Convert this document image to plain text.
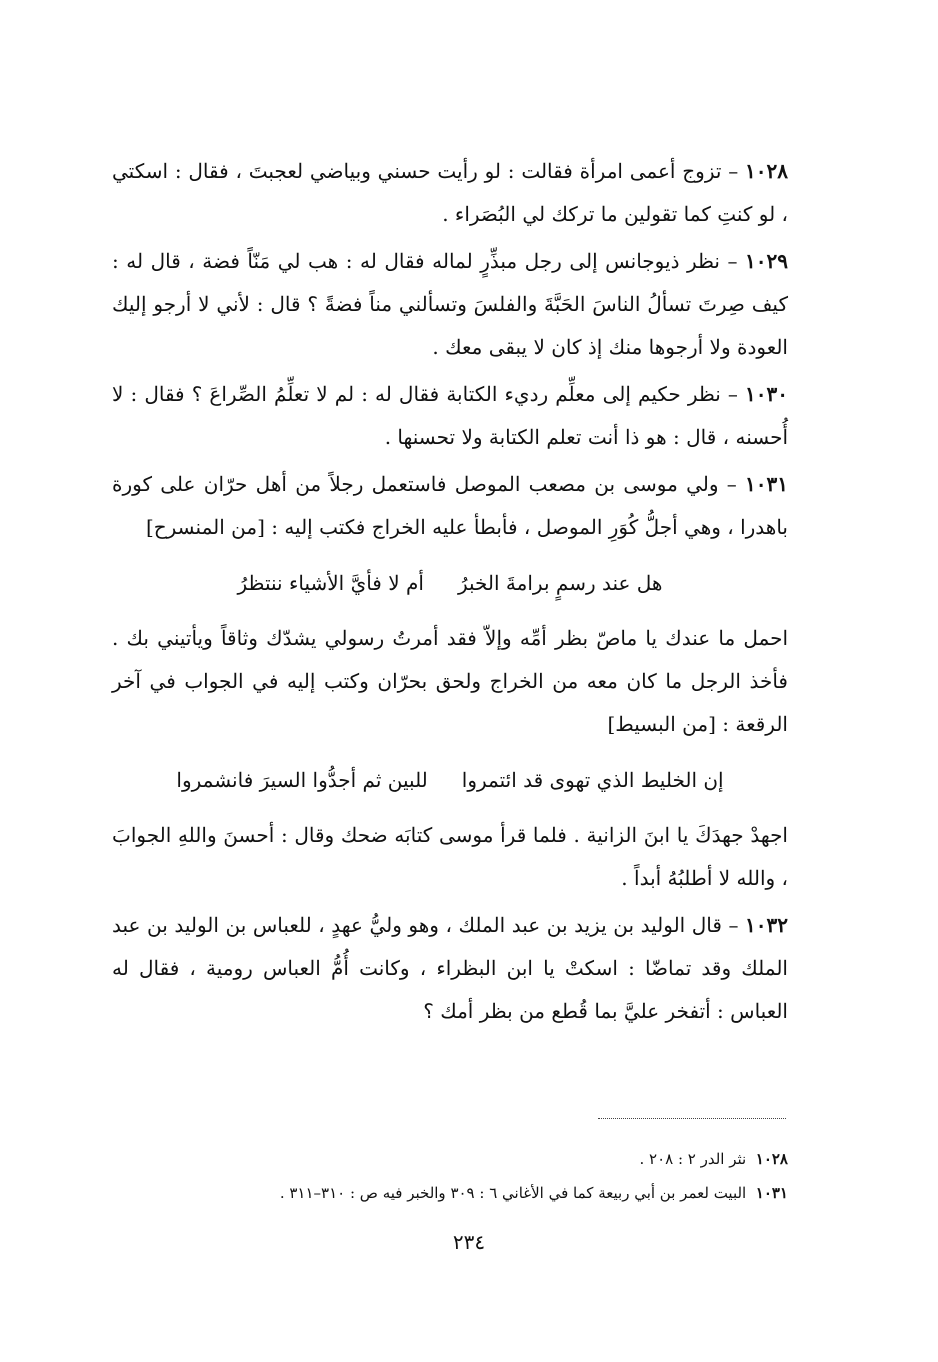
١٠٢٨ – تزوج أعمى امرأة فقالت : لو رأيت حسني وبياضي لعجبتَ ، فقال : اسكتي ، لو كنتِ كما تقولين ما تركك لي البُصَراء .

١٠٢٩ – نظر ذيوجانس إلى رجل مبذِّرٍ لماله فقال له : هب لي مَنّاً فضة ، قال له : كيف صِرتَ تسألُ الناسَ الحَبَّةَ والفلسَ وتسألني مناً فضةً ؟ قال : لأني لا أرجو إليك العودة ولا أرجوها منك إذ كان لا يبقى معك .

١٠٣٠ – نظر حكيم إلى معلِّم رديء الكتابة فقال له : لم لا تعلِّمُ الصِّراعَ ؟ فقال : لا أُحسنه ، قال : هو ذا أنت تعلم الكتابة ولا تحسنها .

١٠٣١ – ولي موسى بن مصعب الموصل فاستعمل رجلاً من أهل حرّان على كورة باهدرا ، وهي أجلُّ كُوَرِ الموصل ، فأبطأ عليه الخراج فكتب إليه : [من المنسرح]

هل عند رسمٍ برامةَ الخبرُ
أم لا فأيَّ الأشياء ننتظرُ

احمل ما عندك يا ماصّ بظر أمِّه وإلاّ فقد أمرتُ رسولي يشدّك وثاقاً ويأتيني بك . فأخذ الرجل ما كان معه من الخراج ولحق بحرّان وكتب إليه في الجواب في آخر الرقعة : [من البسيط]

إن الخليط الذي تهوى قد ائتمروا
للبين ثم أجدُّوا السيرَ فانشمروا

اجهدْ جهدَكَ يا ابنَ الزانية . فلما قرأ موسى كتابَه ضحك وقال : أحسنَ واللهِ الجوابَ ، والله لا أطلبُهُ أبداً .

١٠٣٢ – قال الوليد بن يزيد بن عبد الملك ، وهو وليُّ عهدٍ ، للعباس بن الوليد بن عبد الملك وقد تماضّا : اسكتْ يا ابن البظراء ، وكانت أُمُّ العباس رومية ، فقال له العباس : أتفخر عليَّ بما قُطع من بظر أمك ؟

١٠٢٨  نثر الدر ٢ : ٢٠٨ .
١٠٣١  البيت لعمر بن أبي ربيعة كما في الأغاني ٦ : ٣٠٩ والخبر فيه ص : ٣١٠–٣١١ .
٢٣٤
